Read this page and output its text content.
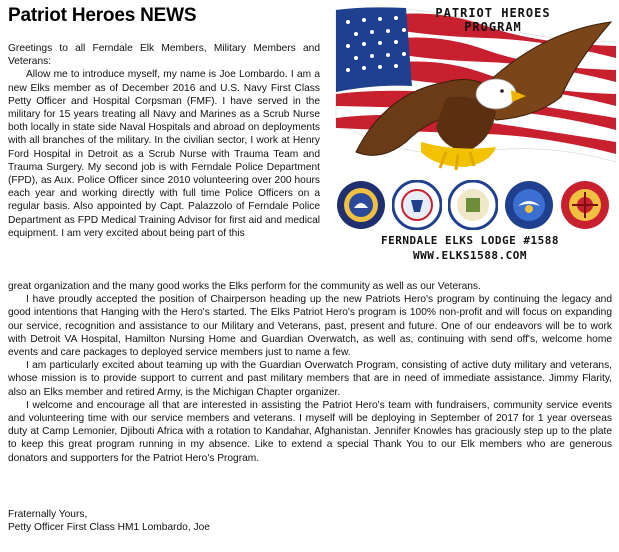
Patriot Heroes NEWS	PATRIOT HEROES
PROGRAM
FERNDALE ELKS LODGE #1588
WWW.ELKS1588.COM

Greetings to all Ferndale Elk Members, Military Members and Veterans:

Allow me to introduce myself, my name is Joe Lombardo. I am a new Elks member as of December 2016 and U.S. Navy First Class Petty Officer and Hospital Corpsman (FMF). I have served in the military for 15 years treating all Navy and Marines as a Scrub Nurse both locally in state side Naval Hospitals and abroad on deployments with all branches of the military. In the civilian sector, I work at Henry Ford Hospital in Detroit as a Scrub Nurse with Trauma Team and Trauma Surgery. My second job is with Ferndale Police Department (FPD), as Aux. Police Officer since 2010 volunteering over 200 hours each year and working directly with full time Police Officers on a regular basis. Also appointed by Capt. Palazzolo of Ferndale Police Department as FPD Medical Training Advisor for first aid and medical equipment. I am very excited about being part of this

great organization and the many good works the Elks perform for the community as well as our Veterans.

I have proudly accepted the position of Chairperson heading up the new Patriots Hero's program by continuing the legacy and good intentions that Hanging with the Hero's started. The Elks Patriot Hero's program is 100% non-profit and will focus on expanding our service, recognition and assistance to our Military and Veterans, past, present and future. One of our endeavors will be to work with Detroit VA Hospital, Hamilton Nursing Home and Guardian Overwatch, as well as, continuing with send off's, welcome home events and care packages to deployed service members just to name a few.

I am particularly excited about teaming up with the Guardian Overwatch Program, consisting of active duty military and veterans, whose mission is to provide support to current and past military members that are in need of immediate assistance. Jimmy Flarity, also an Elks member and retired Army, is the Michigan Chapter organizer.

I welcome and encourage all that are interested in assisting the Patriot Hero's team with fundraisers, community service events and volunteering time with our service members and veterans. I myself will be deploying in September of 2017 for 1 year overseas duty at Camp Lemonier, Djibouti Africa with a rotation to Kandahar, Afghanistan. Jennifer Knowles has graciously step up to the plate to keep this great program running in my absence. Like to extend a special Thank You to our Elk members who are generous donators and supporters for the Patriot Hero's Program.

Fraternally Yours,
Petty Officer First Class HM1 Lombardo, Joe
